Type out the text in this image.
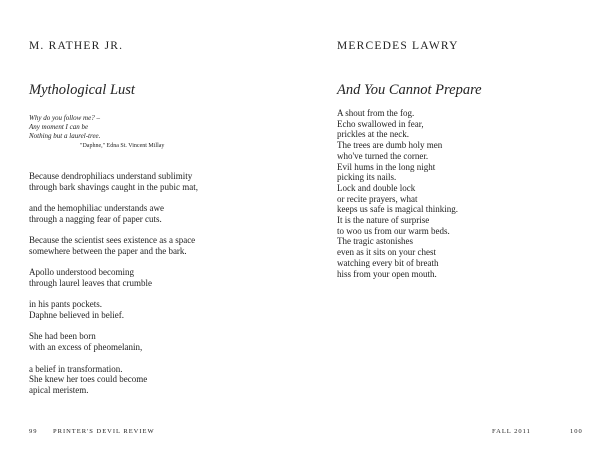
M. RATHER JR.
Mythological Lust
Why do you follow me? –
Any moment I can be
Nothing but a laurel-tree.
"Daphne," Edna St. Vincent Millay
Because dendrophiliacs understand sublimity
through bark shavings caught in the pubic mat,
and the hemophiliac understands awe
through a nagging fear of paper cuts.
Because the scientist sees existence as a space
somewhere between the paper and the bark.
Apollo understood becoming
through laurel leaves that crumble
in his pants pockets.
Daphne believed in belief.
She had been born
with an excess of pheomelanin,
a belief in transformation.
She knew her toes could become
apical meristem.
99 PRINTER'S DEVIL REVIEW
MERCEDES LAWRY
And You Cannot Prepare
A shout from the fog.
Echo swallowed in fear,
prickles at the neck.
The trees are dumb holy men
who've turned the corner.
Evil hums in the long night
picking its nails.
Lock and double lock
or recite prayers, what
keeps us safe is magical thinking.
It is the nature of surprise
to woo us from our warm beds.
The tragic astonishes
even as it sits on your chest
watching every bit of breath
hiss from your open mouth.
FALL 2011	100
